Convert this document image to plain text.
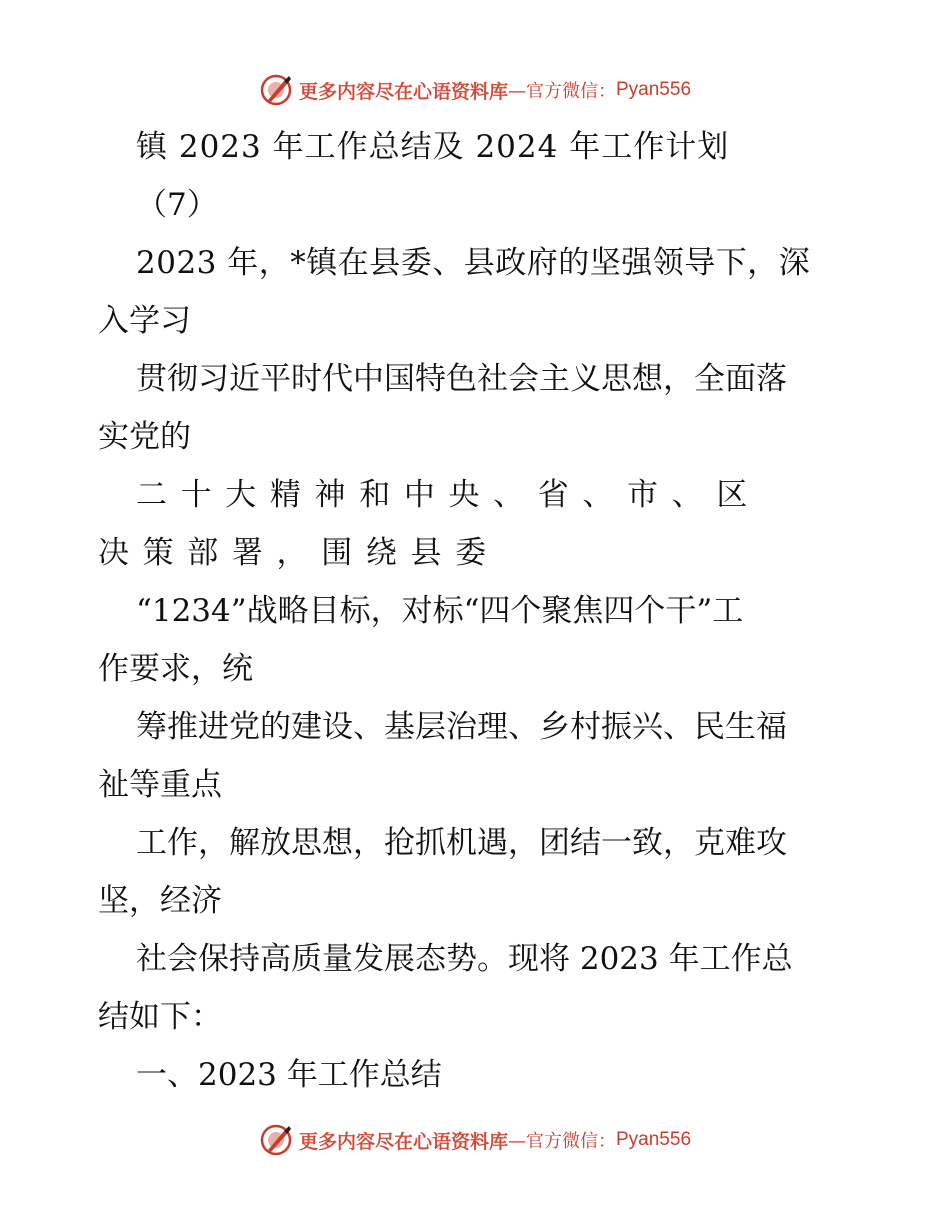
更多内容尽在心语资料库 —官方微信： Pyan556
镇 2023 年工作总结及 2024 年工作计划
（7）
2023 年，*镇在县委、县政府的坚强领导下，深
入学习
贯彻习近平时代中国特色社会主义思想，全面落
实党的
二十大精神和中央、省、市、区
决策部署，围绕县委
“1234”战略目标，对标“四个聚焦四个干”工
作要求，统
筹推进党的建设、基层治理、乡村振兴、民生福
祉等重点
工作，解放思想，抢抓机遇，团结一致，克难攻
坚，经济
社会保持高质量发展态势。现将 2023 年工作总
结如下：
一、2023 年工作总结
更多内容尽在心语资料库 —官方微信： Pyan556
